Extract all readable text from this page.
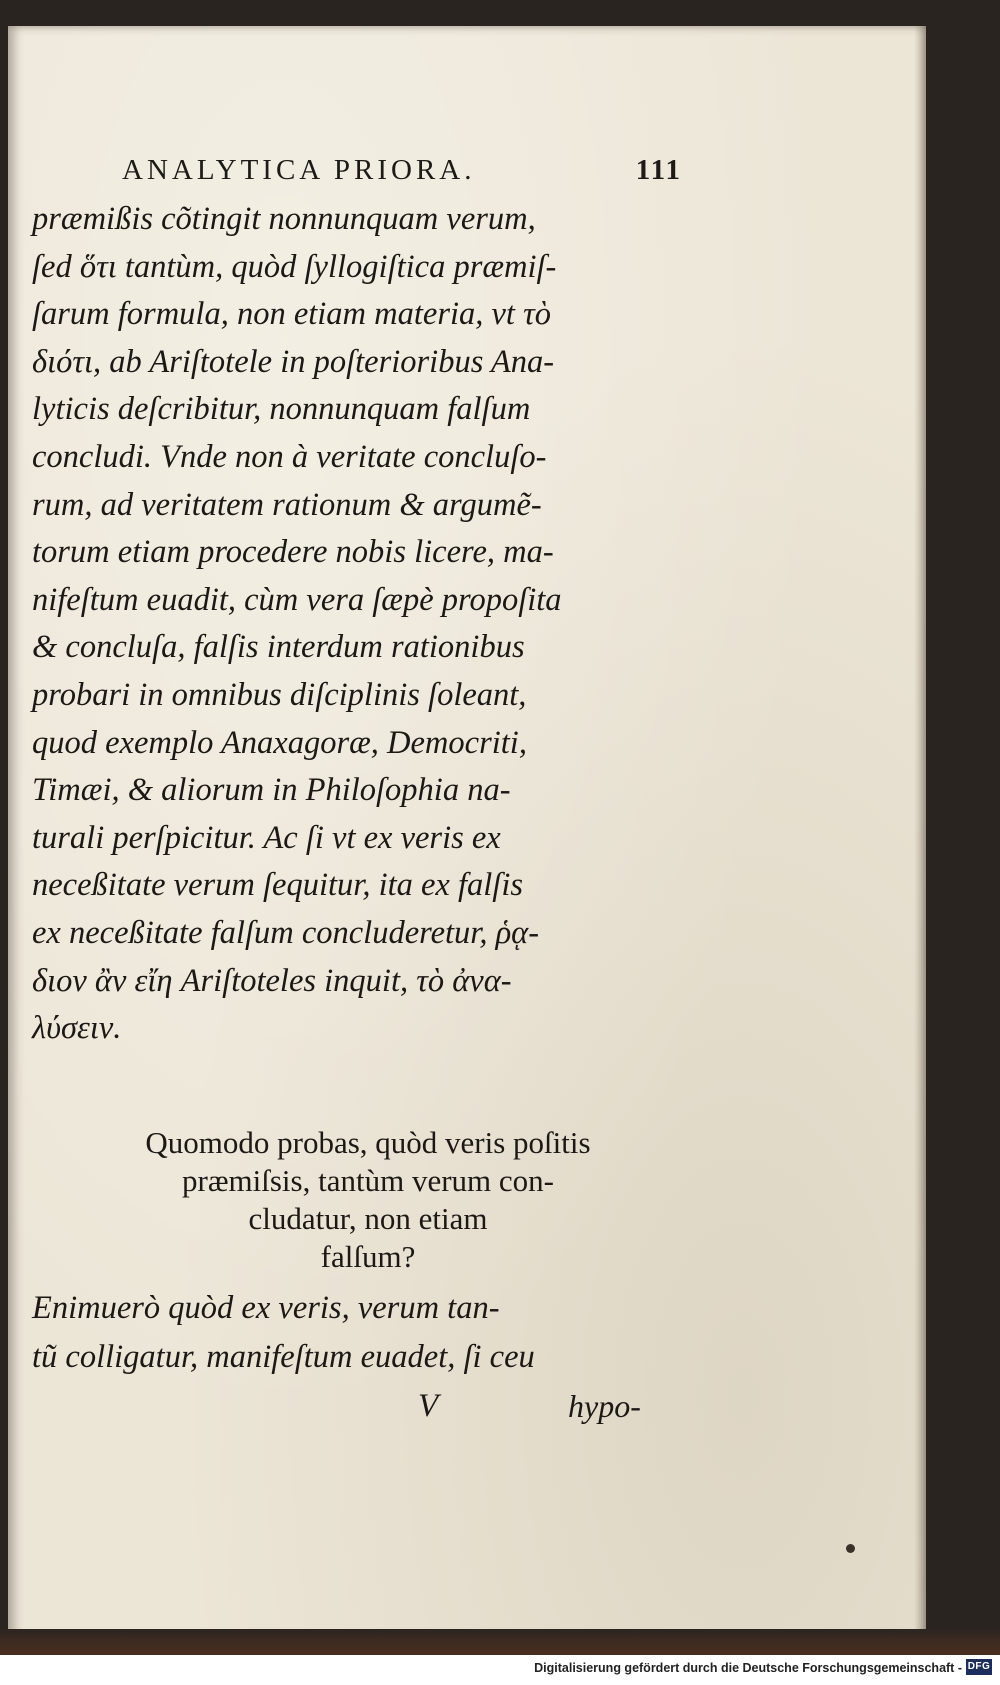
ANALYTICA PRIORA.	111
præmißis cõtingit nonnunquam verum,
ſed ὅτι tantùm, quòd ſyllogiſtica præmiſ-
ſarum formula, non etiam materia, vt τὸ
διότι, ab Ariſtotele in poſterioribus Ana-
lyticis deſcribitur, nonnunquam falſum
concludi. Vnde non à veritate concluſo-
rum, ad veritatem rationum & argumẽ-
torum etiam procedere nobis licere, ma-
nifeſtum euadit, cùm vera ſæpè propoſita
& concluſa, falſis interdum rationibus
probari in omnibus diſciplinis ſoleant,
quod exemplo Anaxagoræ, Democriti,
Timæi, & aliorum in Philoſophia na-
turali perſpicitur. Ac ſi vt ex veris ex
neceßitate verum ſequitur, ita ex falſis
ex neceßitate falſum concluderetur, ῥᾳ-
διον ἂν εἴη Ariſtoteles inquit, τὸ ἀνα-
λύσειν.
Quomodo probas, quòd veris poſitis
præmiſsis, tantùm verum con-
cludatur, non etiam
falſum?
Enimuerò quòd ex veris, verum tan-
tũ colligatur, manifeſtum euadet, ſi ceu
V	hypo-
Digitalisierung gefördert durch die Deutsche Forschungsgemeinschaft - DFG
